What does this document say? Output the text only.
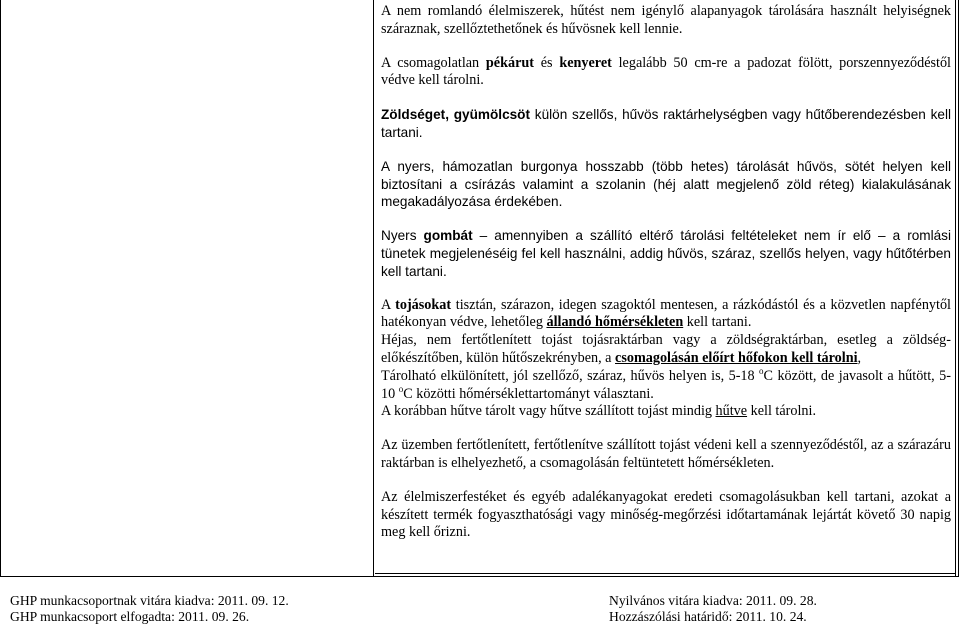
A nem romlandó élelmiszerek, hűtést nem igénylő alapanyagok tárolására használt helyiségnek száraznak, szellőztethetőnek és hűvösnek kell lennie.

A csomagolatlan pékárut és kenyeret legalább 50 cm-re a padozat fölött, porszennyeződéstől védve kell tárolni.

Zöldséget, gyümölcsöt külön szellős, hűvös raktárhelységben vagy hűtőberendezésben kell tartani.

A nyers, hámozatlan burgonya hosszabb (több hetes) tárolását hűvös, sötét helyen kell biztosítani a csírázás valamint a szolanin (héj alatt megjelenő zöld réteg) kialakulásának megakadályozása érdekében.

Nyers gombát – amennyiben a szállító eltérő tárolási feltételeket nem ír elő – a romlási tünetek megjelenéséig fel kell használni, addig hűvös, száraz, szellős helyen, vagy hűtőtérben kell tartani.

A tojásokat tisztán, szárazon, idegen szagoktól mentesen, a rázkódástól és a közvetlen napfénytől hatékonyan védve, lehetőleg állandó hőmérsékleten kell tartani.

Héjas, nem fertőtlenített tojást tojásraktárban vagy a zöldségraktárban, esetleg a zöldség-előkészítőben, külön hűtőszekrényben, a csomagolásán előírt hőfokon kell tárolni,

Tárolható elkülönített, jól szellőző, száraz, hűvös helyen is, 5-18 $^o$C között, de javasolt a hűtött, 5-10 $^o$C közötti hőmérséklettartományt választani.

A korábban hűtve tárolt vagy hűtve szállított tojást mindig hűtve kell tárolni.

Az üzemben fertőtlenített, fertőtlenítve szállított tojást védeni kell a szennyeződéstől, az a szárazáru raktárban is elhelyezhető, a csomagolásán feltüntetett hőmérsékleten.

Az élelmiszerfestéket és egyéb adalékanyagokat eredeti csomagolásukban kell tartani, azokat a készített termék fogyaszthatósági vagy minőség-megőrzési időtartamának lejártát követő 30 napig meg kell őrizni.

GHP munkacsoportnak vitára kiadva: 2011. 09. 12.
GHP munkacsoport elfogadta: 2011. 09. 26.
Nyilvános vitára kiadva: 2011. 09. 28.
Hozzászólási határidő: 2011. 10. 24.
